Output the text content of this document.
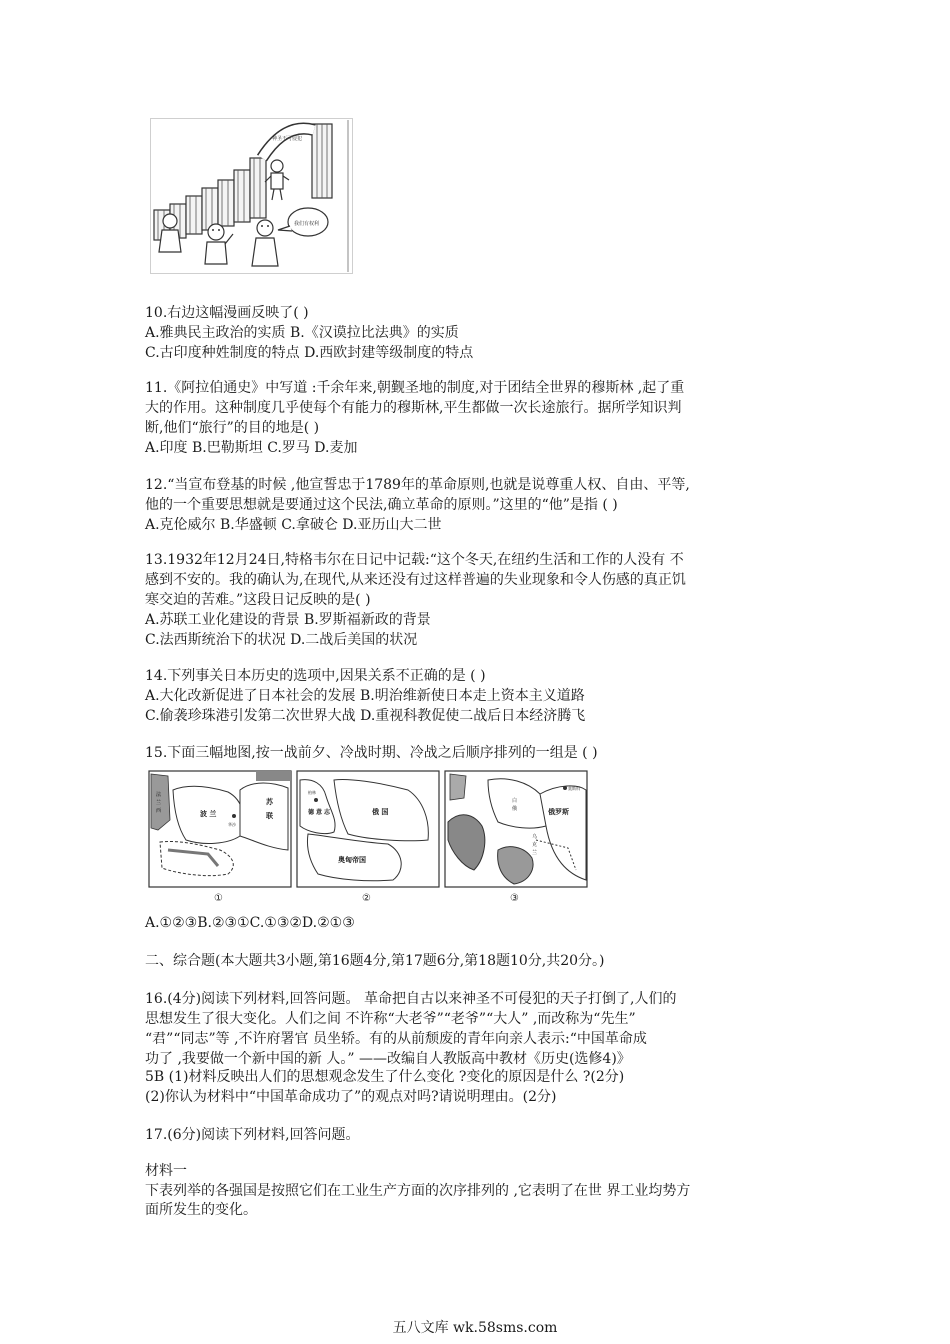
神圣不可侵犯
我们有权利
10.右边这幅漫画反映了( )
A.雅典民主政治的实质 B.《汉谟拉比法典》的实质
C.古印度种姓制度的特点 D.西欧封建等级制度的特点
11.《阿拉伯通史》中写道 :千余年来,朝觐圣地的制度,对于团结全世界的穆斯林 ,起了重
大的作用。这种制度几乎使每个有能力的穆斯林,平生都做一次长途旅行。据所学知识判
断,他们“旅行”的目的地是( )
A.印度 B.巴勒斯坦 C.罗马 D.麦加
12.“当宣布登基的时候 ,他宣誓忠于1789年的革命原则,也就是说尊重人权、自由、平等,
他的一个重要思想就是要通过这个民法,确立革命的原则。”这里的“他”是指 ( )
A.克伦威尔 B.华盛顿 C.拿破仑 D.亚历山大二世
13.1932年12月24日,特格韦尔在日记中记载:“这个冬天,在纽约生活和工作的人没有 不
感到不安的。我的确认为,在现代,从来还没有过这样普遍的失业现象和令人伤感的真正饥
寒交迫的苦难。”这段日记反映的是( )
A.苏联工业化建设的背景 B.罗斯福新政的背景
C.法西斯统治下的状况 D.二战后美国的状况
14.下列事关日本历史的选项中,因果关系不正确的是 ( )
A.大化改新促进了日本社会的发展 B.明治维新使日本走上资本主义道路
C.偷袭珍珠港引发第二次世界大战 D.重视科教促使二战后日本经济腾飞
15.下面三幅地图,按一战前夕、冷战时期、冷战之后顺序排列的一组是 ( )
波 兰
苏
联
华沙
法
兰
西
①
德 意 志	俄 国
奥匈帝国
柏林
②
俄罗斯
莫斯科
乌
克
兰
白
俄
③
A.①②③B.②③①C.①③②D.②①③
二、综合题(本大题共3小题,第16题4分,第17题6分,第18题10分,共20分。)
16.(4分)阅读下列材料,回答问题。 革命把自古以来神圣不可侵犯的天子打倒了,人们的
思想发生了很大变化。人们之间 不许称“大老爷”“老爷”“大人” ,而改称为“先生”
“君”“同志”等 ,不许府署官 员坐轿。有的从前颓废的青年向亲人表示:“中国革命成
功了 ,我要做一个新中国的新 人。” ——改编自人教版高中教材《历史(选修4)》
5B (1)材料反映出人们的思想观念发生了什么变化 ?变化的原因是什么 ?(2分)
(2)你认为材料中“中国革命成功了”的观点对吗?请说明理由。(2分)
17.(6分)阅读下列材料,回答问题。
材料一
下表列举的各强国是按照它们在工业生产方面的次序排列的 ,它表明了在世 界工业均势方
面所发生的变化。
五八文库 wk.58sms.com
